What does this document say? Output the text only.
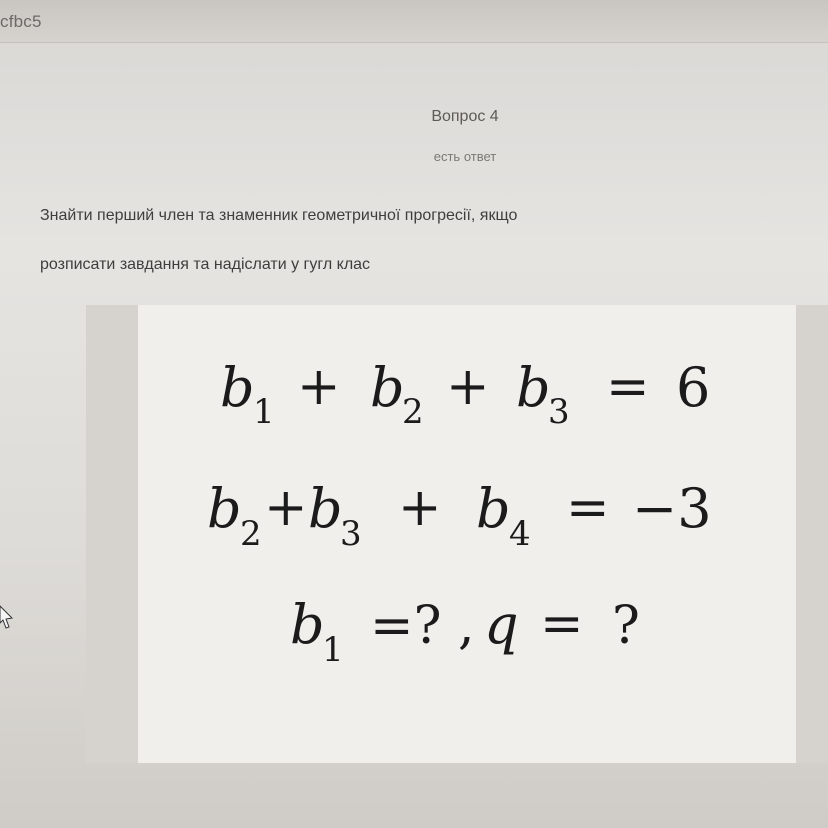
cfbc5
Вопрос 4
есть ответ
Знайти перший член та знаменник геометричної прогресії, якщо
розписати завдання та надіслати у гугл клас
b
1 + b
2 + b
3 = 6
b
2 + b
3 + b
4 = −3
b
1 =? , q = ?
